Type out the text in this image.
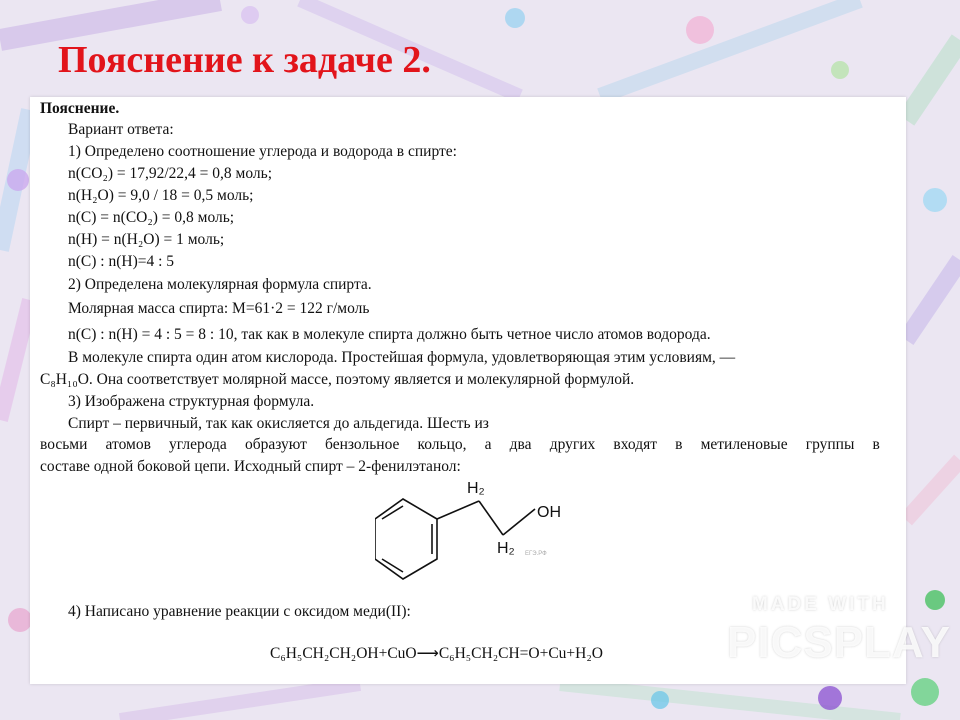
Пояснение к задаче 2.
Пояснение.
Вариант ответа:
1) Определено соотношение углерода и водорода в спирте:
n(CO₂) = 17,92/22,4 = 0,8 моль;
n(H₂O) = 9,0 / 18 = 0,5 моль;
n(C) = n(CO₂) = 0,8 моль;
n(H) = n(H₂O) = 1 моль;
n(C) : n(H)=4 : 5
2) Определена молекулярная формула спирта.
Молярная масса спирта: M=61·2 = 122 г/моль
n(C) : n(H) = 4 : 5 = 8 : 10, так как в молекуле спирта должно быть четное число атомов водорода.
В молекуле спирта один атом кислорода. Простейшая формула, удовлетворяющая этим условиям, —
C₈H₁₀O. Она соответствует молярной массе, поэтому является и молекулярной формулой.
3) Изображена структурная формула.
Спирт – первичный, так как окисляется до альдегида. Шесть из
восьми атомов углерода образуют бензольное кольцо, а два других входят в метиленовые группы в
составе одной боковой цепи. Исходный спирт – 2-фенилэтанол:
H₂
OH
H₂ ЕГЭ.РФ
4) Написано уравнение реакции с оксидом меди(II):
C₆H₅CH₂CH₂OH+CuO⟶C₆H₅CH₂CH=O+Cu+H₂O
MADE WITH
PICSPLAY
